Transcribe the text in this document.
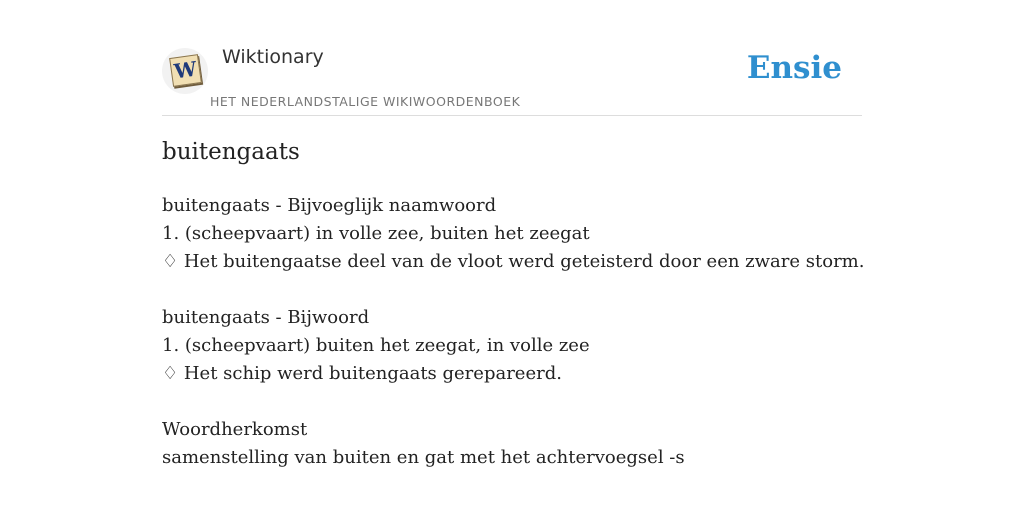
W Wiktionary
HET NEDERLANDSTALIGE WIKIWOORDENBOEK
Ensie
buitengaats
buitengaats - Bijvoeglijk naamwoord
1. (scheepvaart) in volle zee, buiten het zeegat
♢ Het buitengaatse deel van de vloot werd geteisterd door een zware storm.
buitengaats - Bijwoord
1. (scheepvaart) buiten het zeegat, in volle zee
♢ Het schip werd buitengaats gerepareerd.
Woordherkomst
samenstelling van buiten en gat met het achtervoegsel -s
